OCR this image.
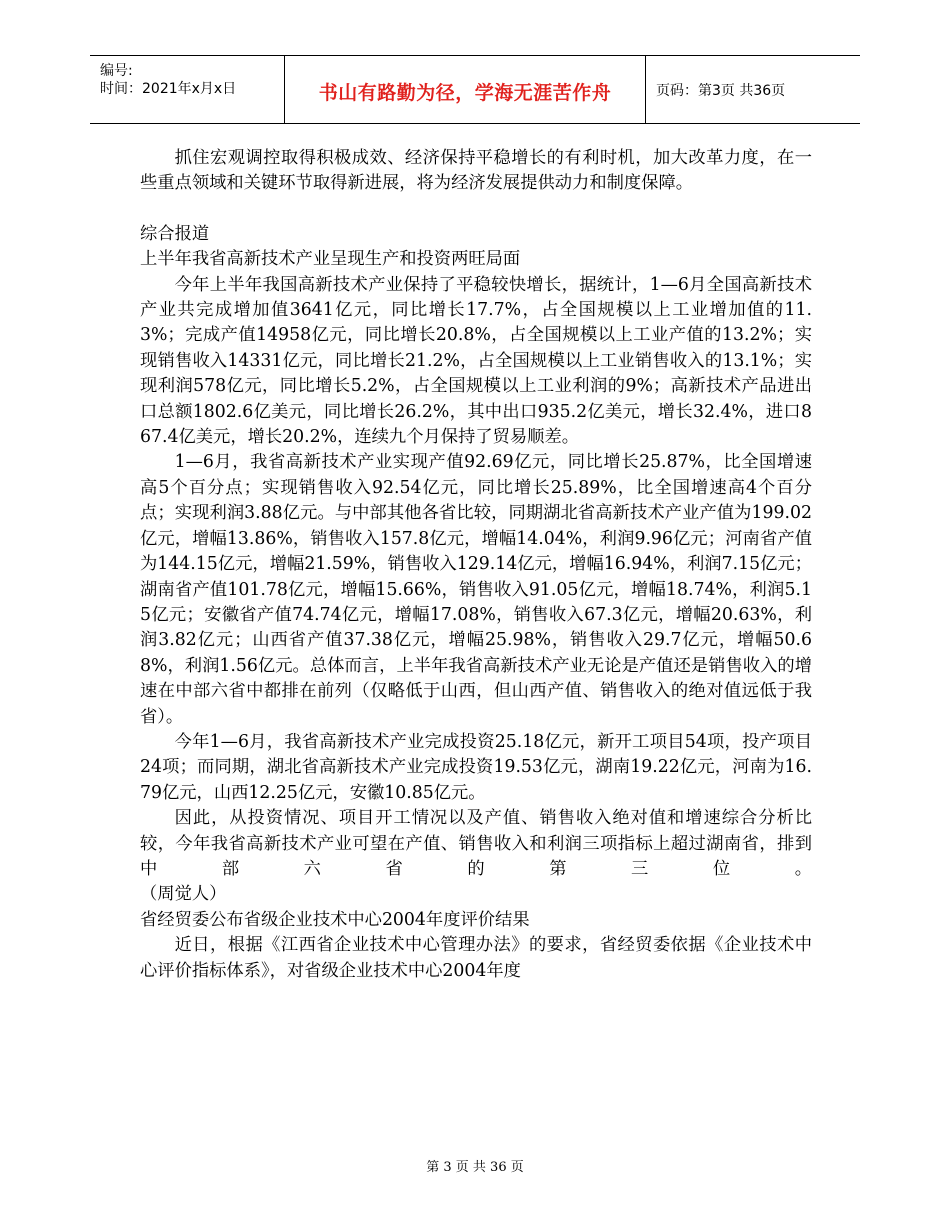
编号:
时间：2021年x月x日	书山有路勤为径，学海无涯苦作舟	页码：第3页 共36页

抓住宏观调控取得积极成效、经济保持平稳增长的有利时机，加大改革力度，在一些重点领域和关键环节取得新进展，将为经济发展提供动力和制度保障。

综合报道

上半年我省高新技术产业呈现生产和投资两旺局面

今年上半年我国高新技术产业保持了平稳较快增长，据统计，1—6月全国高新技术产业共完成增加值3641亿元，同比增长17.7%，占全国规模以上工业增加值的11.3%；完成产值14958亿元，同比增长20.8%，占全国规模以上工业产值的13.2%；实现销售收入14331亿元，同比增长21.2%，占全国规模以上工业销售收入的13.1%；实现利润578亿元，同比增长5.2%，占全国规模以上工业利润的9%；高新技术产品进出口总额1802.6亿美元，同比增长26.2%，其中出口935.2亿美元，增长32.4%，进口867.4亿美元，增长20.2%，连续九个月保持了贸易顺差。

1—6月，我省高新技术产业实现产值92.69亿元，同比增长25.87%，比全国增速高5个百分点；实现销售收入92.54亿元，同比增长25.89%，比全国增速高4个百分点；实现利润3.88亿元。与中部其他各省比较，同期湖北省高新技术产业产值为199.02亿元，增幅13.86%，销售收入157.8亿元，增幅14.04%，利润9.96亿元；河南省产值为144.15亿元，增幅21.59%，销售收入129.14亿元，增幅16.94%，利润7.15亿元；湖南省产值101.78亿元，增幅15.66%，销售收入91.05亿元，增幅18.74%，利润5.15亿元；安徽省产值74.74亿元，增幅17.08%，销售收入67.3亿元，增幅20.63%，利润3.82亿元；山西省产值37.38亿元，增幅25.98%，销售收入29.7亿元，增幅50.68%，利润1.56亿元。总体而言，上半年我省高新技术产业无论是产值还是销售收入的增速在中部六省中都排在前列（仅略低于山西，但山西产值、销售收入的绝对值远低于我省）。

今年1—6月，我省高新技术产业完成投资25.18亿元，新开工项目54项，投产项目24项；而同期，湖北省高新技术产业完成投资19.53亿元，湖南19.22亿元，河南为16.79亿元，山西12.25亿元，安徽10.85亿元。

因此，从投资情况、项目开工情况以及产值、销售收入绝对值和增速综合分析比较，今年我省高新技术产业可望在产值、销售收入和利润三项指标上超过湖南省，排到中部六省的第三位。

（周觉人）

省经贸委公布省级企业技术中心2004年度评价结果

近日，根据《江西省企业技术中心管理办法》的要求，省经贸委依据《企业技术中心评价指标体系》，对省级企业技术中心2004年度

第 3 页 共 36 页
